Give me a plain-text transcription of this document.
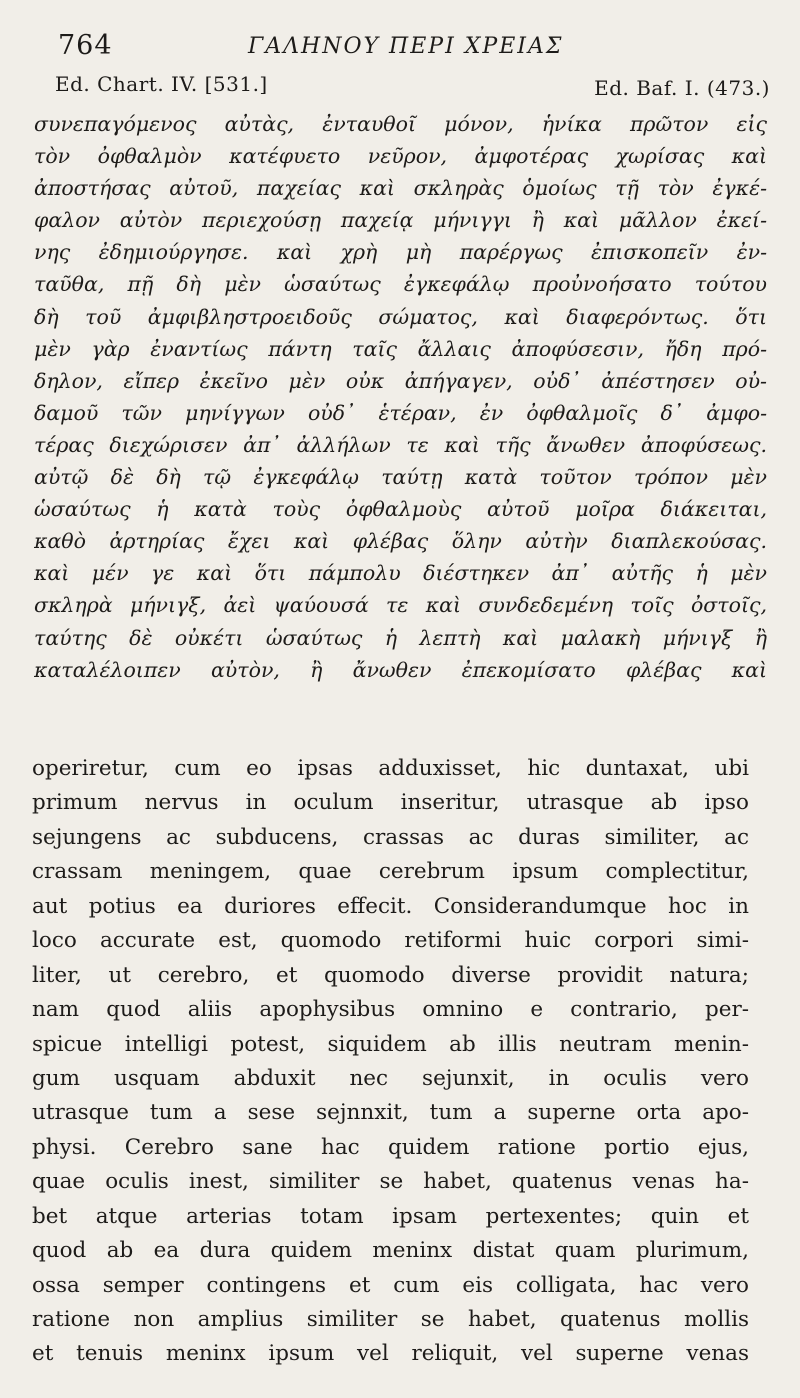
764	ΓΑΛΗΝΟΥ ΠΕΡΙ ΧΡΕΙΑΣ
Ed. Chart. IV. [531.]	Ed. Baf. I. (473.)
συνεπαγόμενος αὐτὰς, ἐνταυθοῖ μόνον, ἡνίκα πρῶτον εἰς
τὸν ὀφθαλμὸν κατέφυετο νεῦρον, ἀμφοτέρας χωρίσας καὶ
ἀποστήσας αὐτοῦ, παχείας καὶ σκληρὰς ὁμοίως τῇ τὸν ἐγκέ-
φαλον αὐτὸν περιεχούσῃ παχείᾳ μήνιγγι ἢ καὶ μᾶλλον ἐκεί-
νης ἐδημιούργησε. καὶ χρὴ μὴ παρέργως ἐπισκοπεῖν ἐν-
ταῦθα, πῇ δὴ μὲν ὡσαύτως ἐγκεφάλῳ προὐνοήσατο τούτου
δὴ τοῦ ἀμφιβληστροειδοῦς σώματος, καὶ διαφερόντως. ὅτι
μὲν γὰρ ἐναντίως πάντη ταῖς ἄλλαις ἀποφύσεσιν, ἤδη πρό-
δηλον, εἴπερ ἐκεῖνο μὲν οὐκ ἀπήγαγεν, οὐδ᾽ ἀπέστησεν οὐ-
δαμοῦ τῶν μηνίγγων οὐδ᾽ ἑτέραν, ἐν ὀφθαλμοῖς δ᾽ ἀμφο-
τέρας διεχώρισεν ἀπ᾽ ἀλλήλων τε καὶ τῆς ἄνωθεν ἀποφύσεως.
αὐτῷ δὲ δὴ τῷ ἐγκεφάλῳ ταύτῃ κατὰ τοῦτον τρόπον μὲν
ὡσαύτως ἡ κατὰ τοὺς ὀφθαλμοὺς αὐτοῦ μοῖρα διάκειται,
καθὸ ἀρτηρίας ἔχει καὶ φλέβας ὅλην αὐτὴν διαπλεκούσας.
καὶ μέν γε καὶ ὅτι πάμπολυ διέστηκεν ἀπ᾽ αὐτῆς ἡ μὲν
σκληρὰ μήνιγξ, ἀεὶ ψαύουσά τε καὶ συνδεδεμένη τοῖς ὀστοῖς,
ταύτης δὲ οὐκέτι ὡσαύτως ἡ λεπτὴ καὶ μαλακὴ μήνιγξ ἢ
καταλέλοιπεν αὐτὸν, ἢ ἄνωθεν ἐπεκομίσατο φλέβας καὶ
operiretur, cum eo ipsas adduxisset, hic duntaxat, ubi
primum nervus in oculum inseritur, utrasque ab ipso
sejungens ac subducens, crassas ac duras similiter, ac
crassam meningem, quae cerebrum ipsum complectitur,
aut potius ea duriores effecit. Considerandumque hoc in
loco accurate est, quomodo retiformi huic corpori simi-
liter, ut cerebro, et quomodo diverse providit natura;
nam quod aliis apophysibus omnino e contrario, per-
spicue intelligi potest, siquidem ab illis neutram menin-
gum usquam abduxit nec sejunxit, in oculis vero
utrasque tum a sese sejnnxit, tum a superne orta apo-
physi. Cerebro sane hac quidem ratione portio ejus,
quae oculis inest, similiter se habet, quatenus venas ha-
bet atque arterias totam ipsam pertexentes; quin et
quod ab ea dura quidem meninx distat quam plurimum,
ossa semper contingens et cum eis colligata, hac vero
ratione non amplius similiter se habet, quatenus mollis
et tenuis meninx ipsum vel reliquit, vel superne venas
